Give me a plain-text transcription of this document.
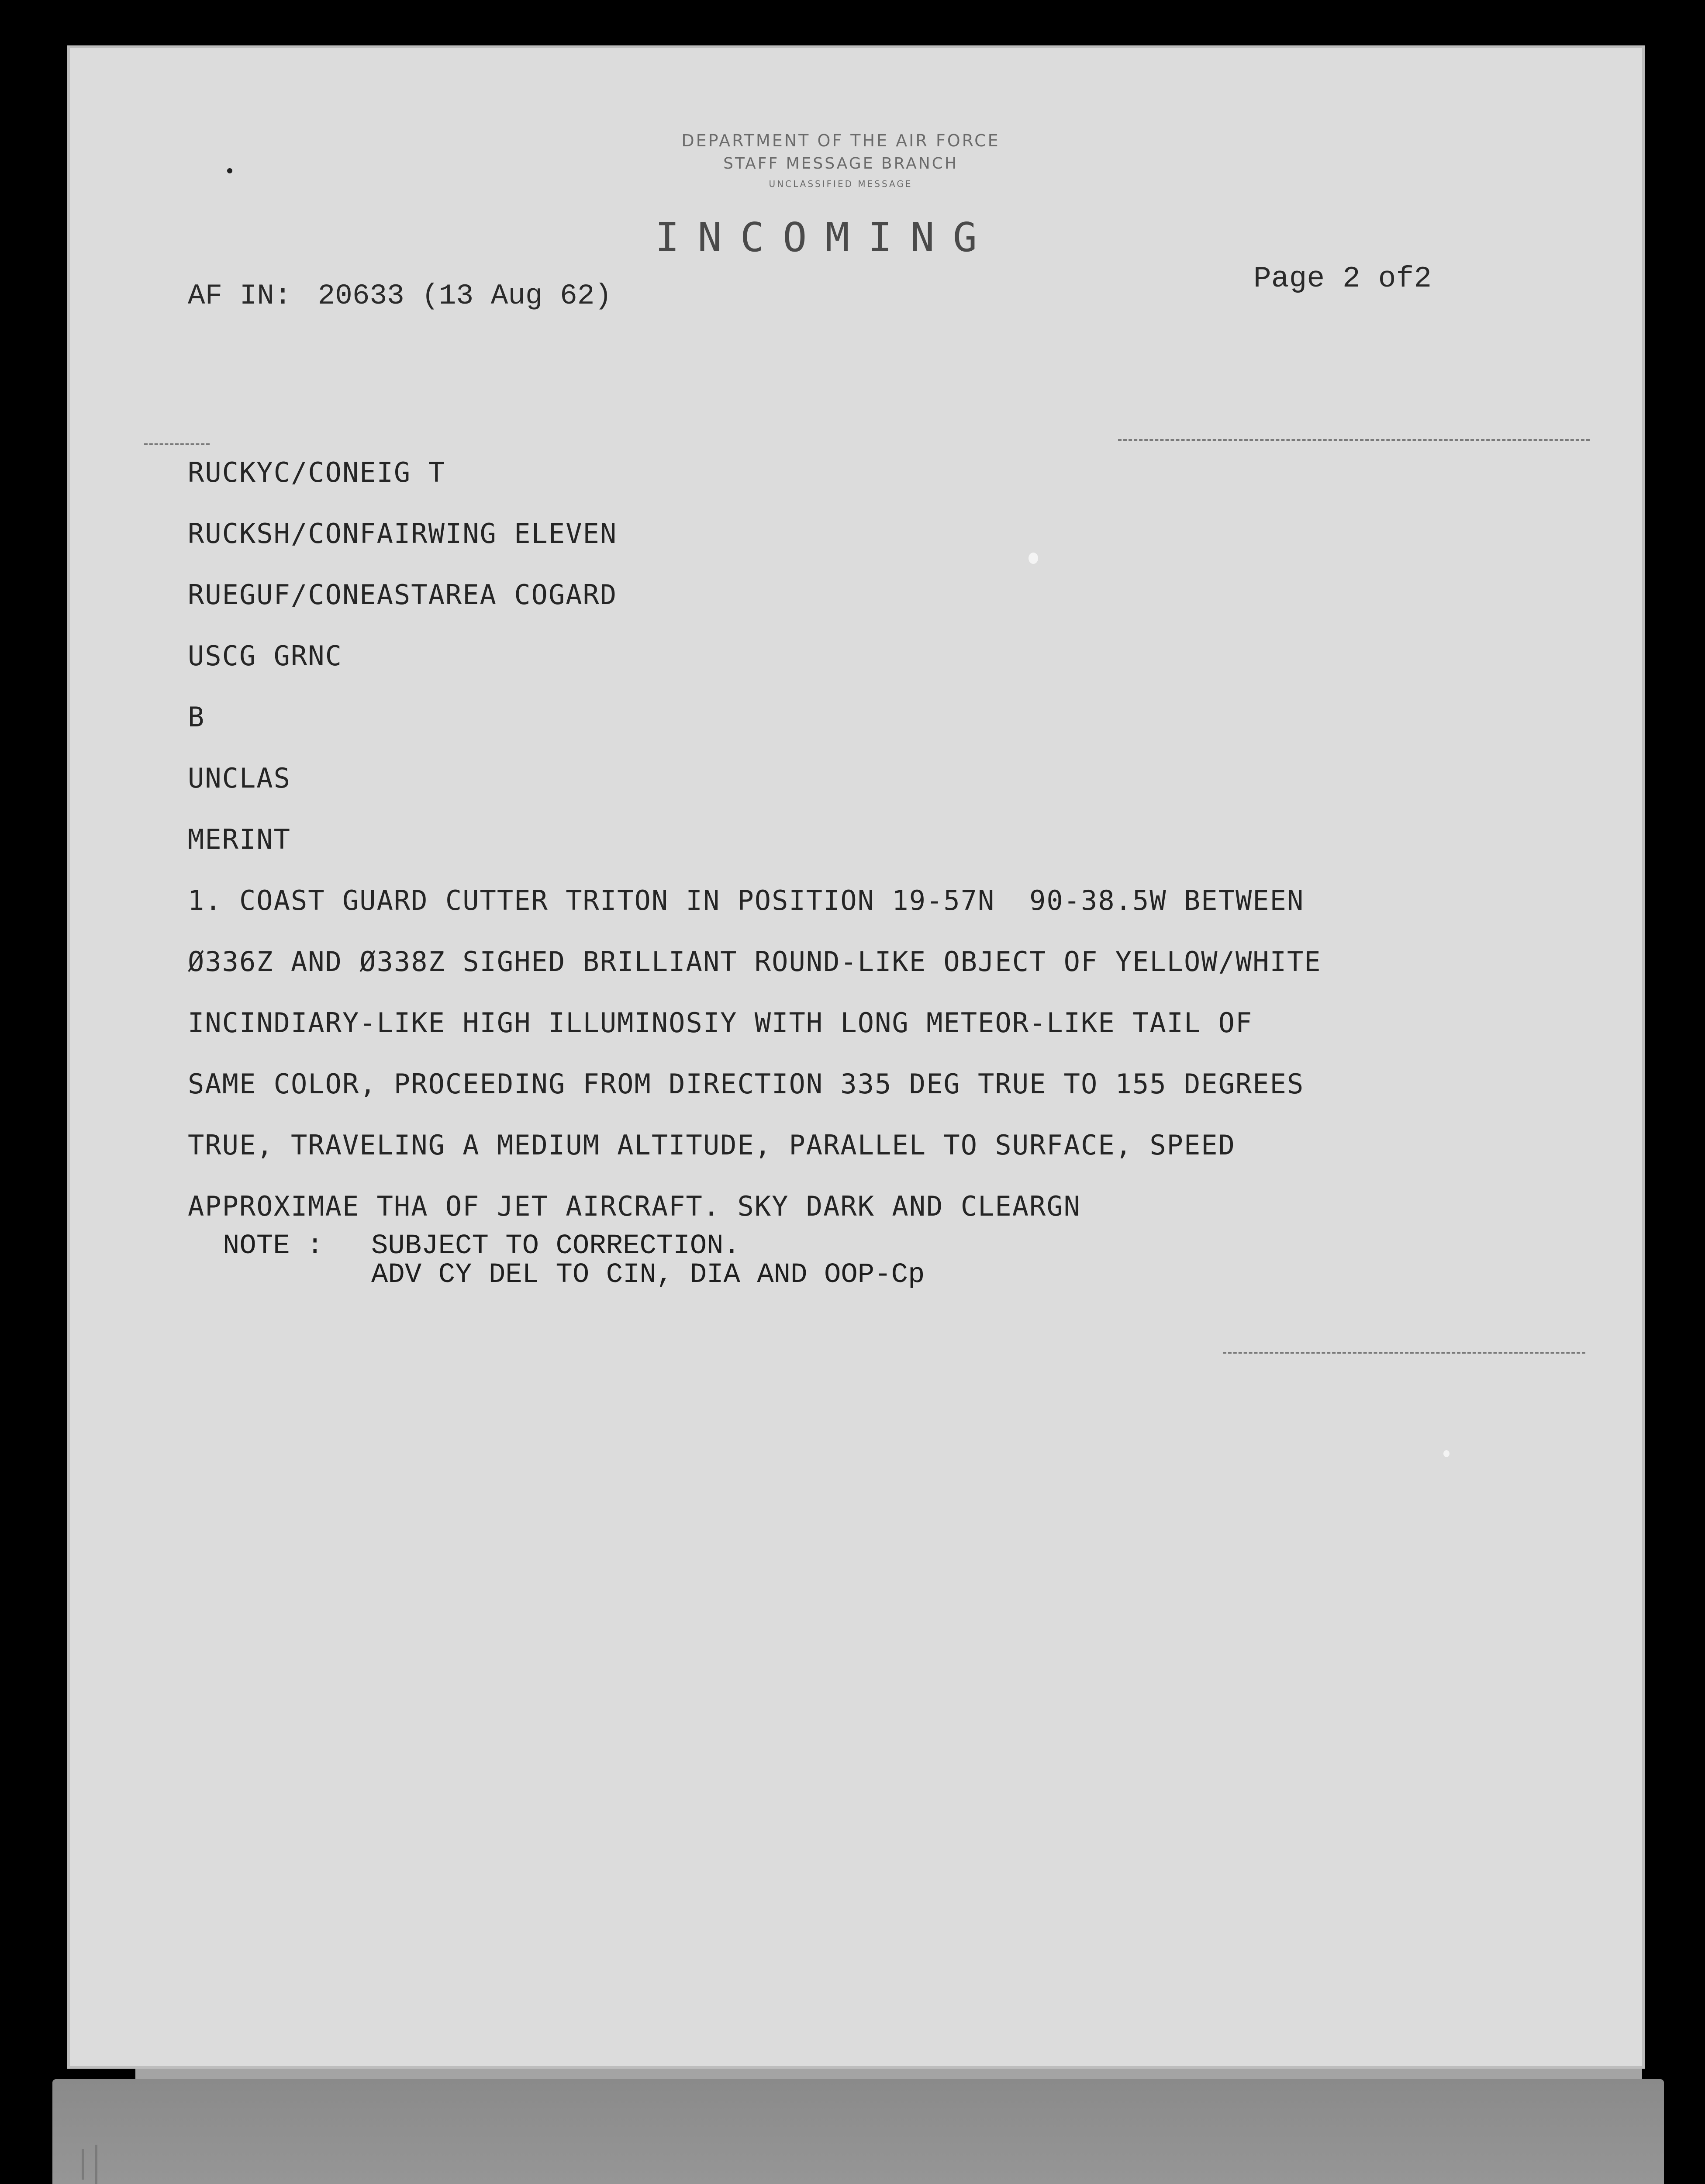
DEPARTMENT OF THE AIR FORCE
STAFF MESSAGE BRANCH
UNCLASSIFIED MESSAGE
INCOMING
AF IN: 20633 (13 Aug 62)
Page 2 of2
RUCKYC/CONEIG T
RUCKSH/CONFAIRWING ELEVEN
RUEGUF/CONEASTAREA COGARD
USCG GRNC
B
UNCLAS
MERINT
1. COAST GUARD CUTTER TRITON IN POSITION 19-57N  90-38.5W BETWEEN
Ø336Z AND Ø338Z SIGHED BRILLIANT ROUND-LIKE OBJECT OF YELLOW/WHITE
INCINDIARY-LIKE HIGH ILLUMINOSIY WITH LONG METEOR-LIKE TAIL OF
SAME COLOR, PROCEEDING FROM DIRECTION 335 DEG TRUE TO 155 DEGREES
TRUE, TRAVELING A MEDIUM ALTITUDE, PARALLEL TO SURFACE, SPEED
APPROXIMAE THA OF JET AIRCRAFT. SKY DARK AND CLEARGN
NOTE : SUBJECT TO CORRECTION.
ADV CY DEL TO CIN, DIA AND OOP-Cp
